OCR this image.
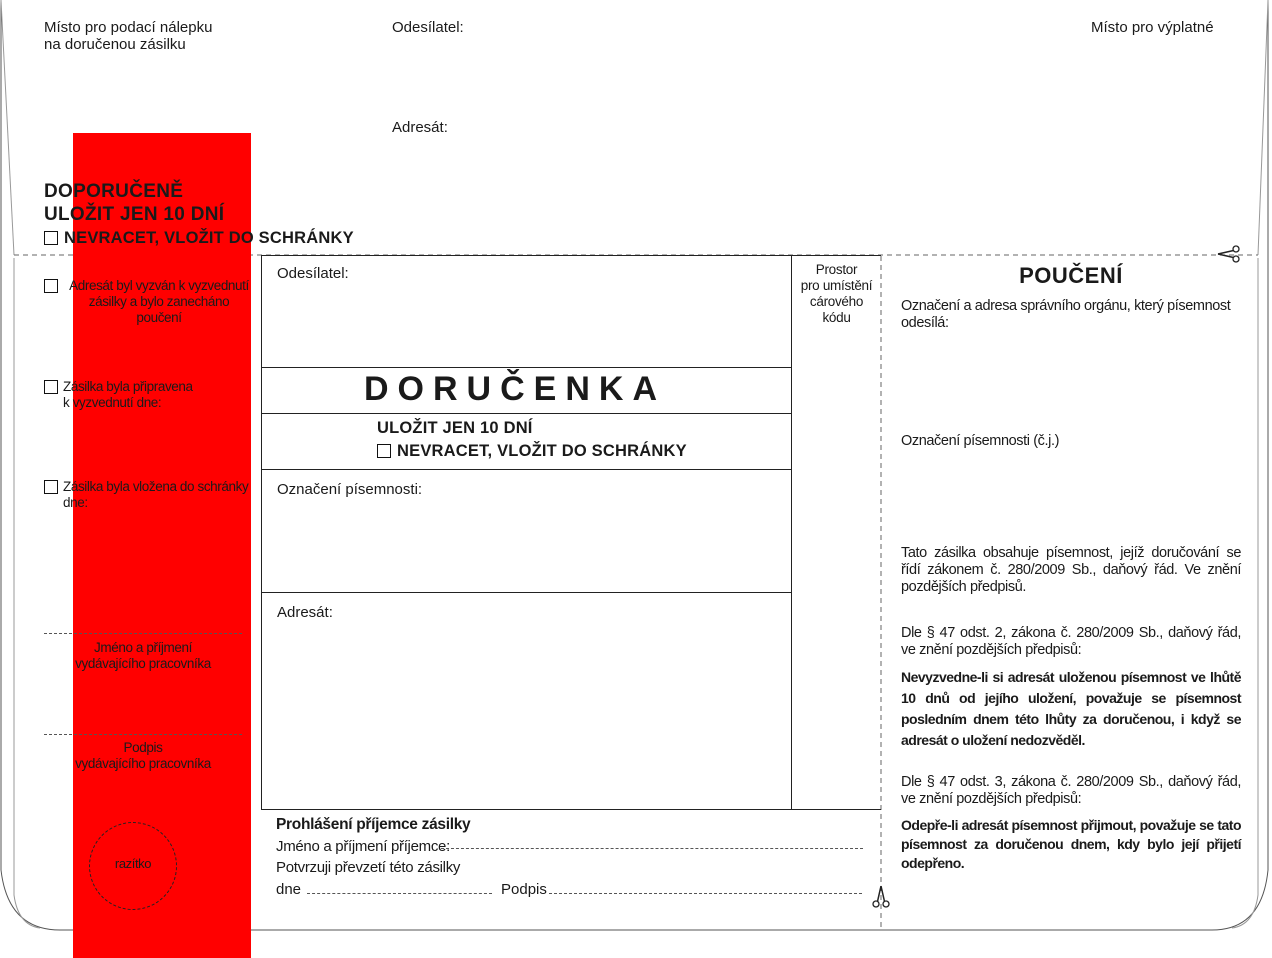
Místo pro podací nálepku
na doručenou zásilku
Odesílatel:	Místo pro výplatné
Adresát:
DOPORUČENĚ
ULOŽIT JEN 10 DNÍ
NEVRACET, VLOŽIT DO SCHRÁNKY
Adresát byl vyzván k vyzvednutí zásilky a bylo zanecháno poučení
Zásilka byla připravena
k vyzvednutí dne:
Zásilka byla vložena do schránky
dne:
Jméno a příjmení
vydávajícího pracovníka
Podpis
vydávajícího pracovníka
razítko
Odesílatel:	Prostor
pro umístění
cárového
kódu
DORUČENKA
ULOŽIT JEN 10 DNÍ
NEVRACET, VLOŽIT DO SCHRÁNKY
Označení písemnosti:
Adresát:
Prohlášení příjemce zásilky
Jméno a příjmení příjemce:
Potvrzuji převzetí této zásilky
dne	Podpis
POUČENÍ
Označení a adresa správního orgánu, který písemnost odesílá:
Označení písemnosti (č.j.)
Tato zásilka obsahuje písemnost, jejíž doručování se řídí zákonem č. 280/2009 Sb., daňový řád. Ve znění pozdějších předpisů.
Dle § 47 odst. 2, zákona č. 280/2009 Sb., daňový řád, ve znění pozdějších předpisů:
Nevyzvedne-li si adresát uloženou písemnost ve lhůtě 10 dnů od jejího uložení, považuje se písemnost posledním dnem této lhůty za doručenou, i když se adresát o uložení nedozvěděl.
Dle § 47 odst. 3, zákona č. 280/2009 Sb., daňový řád, ve znění pozdějších předpisů:
Odepře-li adresát písemnost přijmout, považuje se tato písemnost za doručenou dnem, kdy bylo její přijetí odepřeno.
